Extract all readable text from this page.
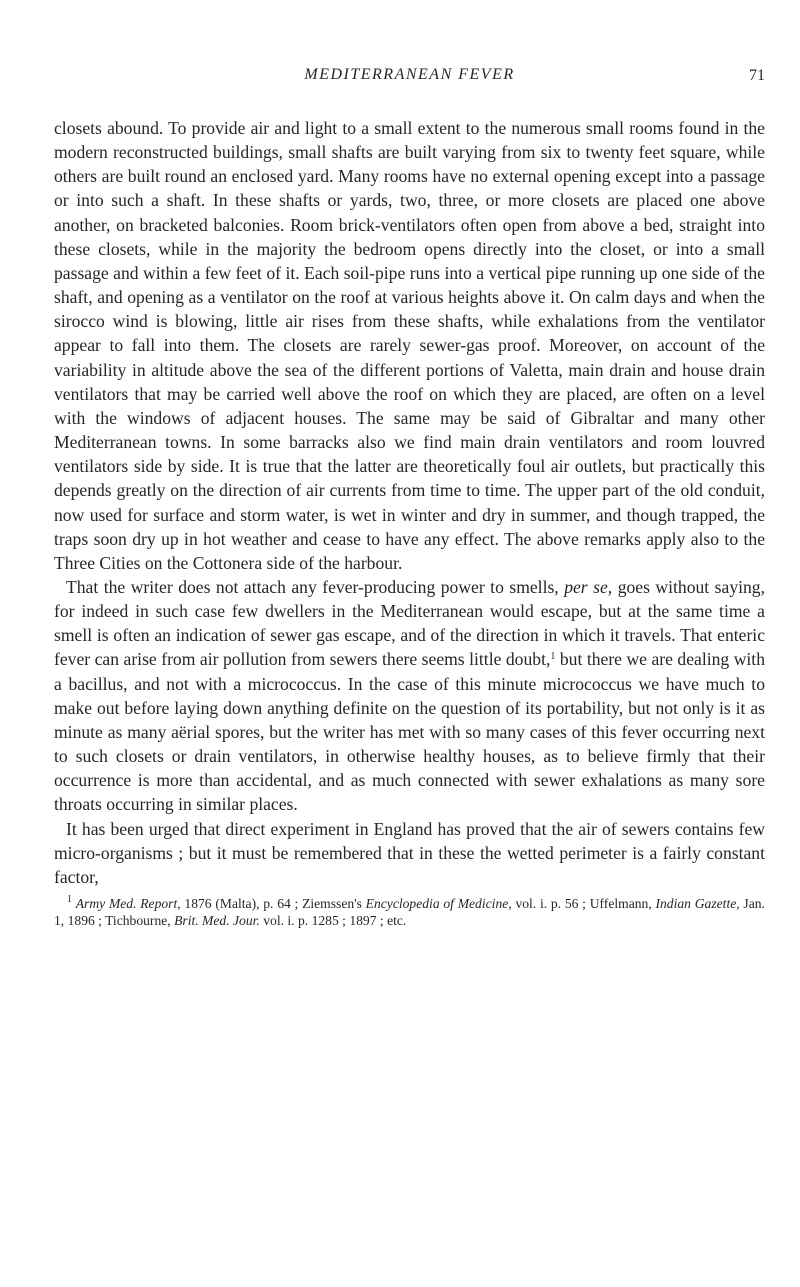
MEDITERRANEAN FEVER	71

closets abound. To provide air and light to a small extent to the numerous small rooms found in the modern reconstructed buildings, small shafts are built varying from six to twenty feet square, while others are built round an enclosed yard. Many rooms have no external opening except into a passage or into such a shaft. In these shafts or yards, two, three, or more closets are placed one above another, on bracketed balconies. Room brick-ventilators often open from above a bed, straight into these closets, while in the majority the bedroom opens directly into the closet, or into a small passage and within a few feet of it. Each soil-pipe runs into a vertical pipe running up one side of the shaft, and opening as a ventilator on the roof at various heights above it. On calm days and when the sirocco wind is blowing, little air rises from these shafts, while exhalations from the ventilator appear to fall into them. The closets are rarely sewer-gas proof. Moreover, on account of the variability in altitude above the sea of the different portions of Valetta, main drain and house drain ventilators that may be carried well above the roof on which they are placed, are often on a level with the windows of adjacent houses. The same may be said of Gibraltar and many other Mediterranean towns. In some barracks also we find main drain ventilators and room louvred ventilators side by side. It is true that the latter are theoretically foul air outlets, but practically this depends greatly on the direction of air currents from time to time. The upper part of the old conduit, now used for surface and storm water, is wet in winter and dry in summer, and though trapped, the traps soon dry up in hot weather and cease to have any effect. The above remarks apply also to the Three Cities on the Cottonera side of the harbour.

That the writer does not attach any fever-producing power to smells, per se, goes without saying, for indeed in such case few dwellers in the Mediterranean would escape, but at the same time a smell is often an indication of sewer gas escape, and of the direction in which it travels. That enteric fever can arise from air pollution from sewers there seems little doubt,$^1$ but there we are dealing with a bacillus, and not with a micrococcus. In the case of this minute micrococcus we have much to make out before laying down anything definite on the question of its portability, but not only is it as minute as many aërial spores, but the writer has met with so many cases of this fever occurring next to such closets or drain ventilators, in otherwise healthy houses, as to believe firmly that their occurrence is more than accidental, and as much connected with sewer exhalations as many sore throats occurring in similar places.

It has been urged that direct experiment in England has proved that the air of sewers contains few micro-organisms ; but it must be remembered that in these the wetted perimeter is a fairly constant factor,

$^1$ Army Med. Report, 1876 (Malta), p. 64 ; Ziemssen's Encyclopedia of Medicine, vol. i. p. 56 ; Uffelmann, Indian Gazette, Jan. 1, 1896 ; Tichbourne, Brit. Med. Jour. vol. i. p. 1285 ; 1897 ; etc.
